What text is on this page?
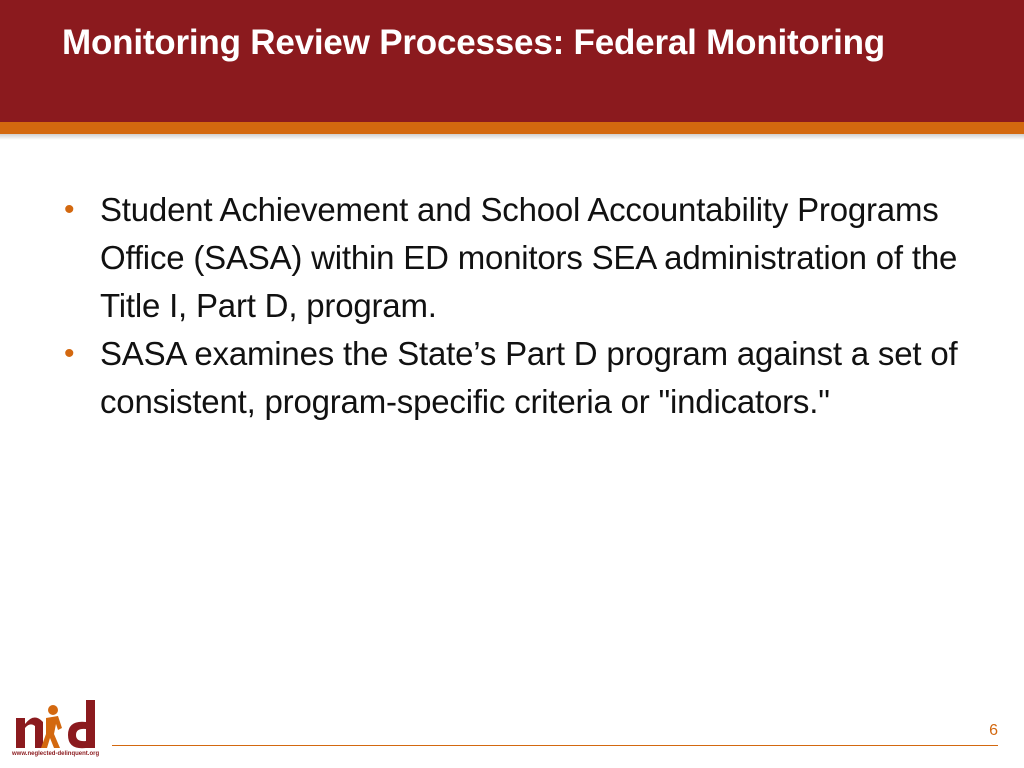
Monitoring Review Processes: Federal Monitoring
• Student Achievement and School Accountability Programs Office (SASA) within ED monitors SEA administration of the Title I, Part D, program.
• SASA examines the State’s Part D program against a set of consistent, program-specific criteria or "indicators."
www.neglected-delinquent.org
6
